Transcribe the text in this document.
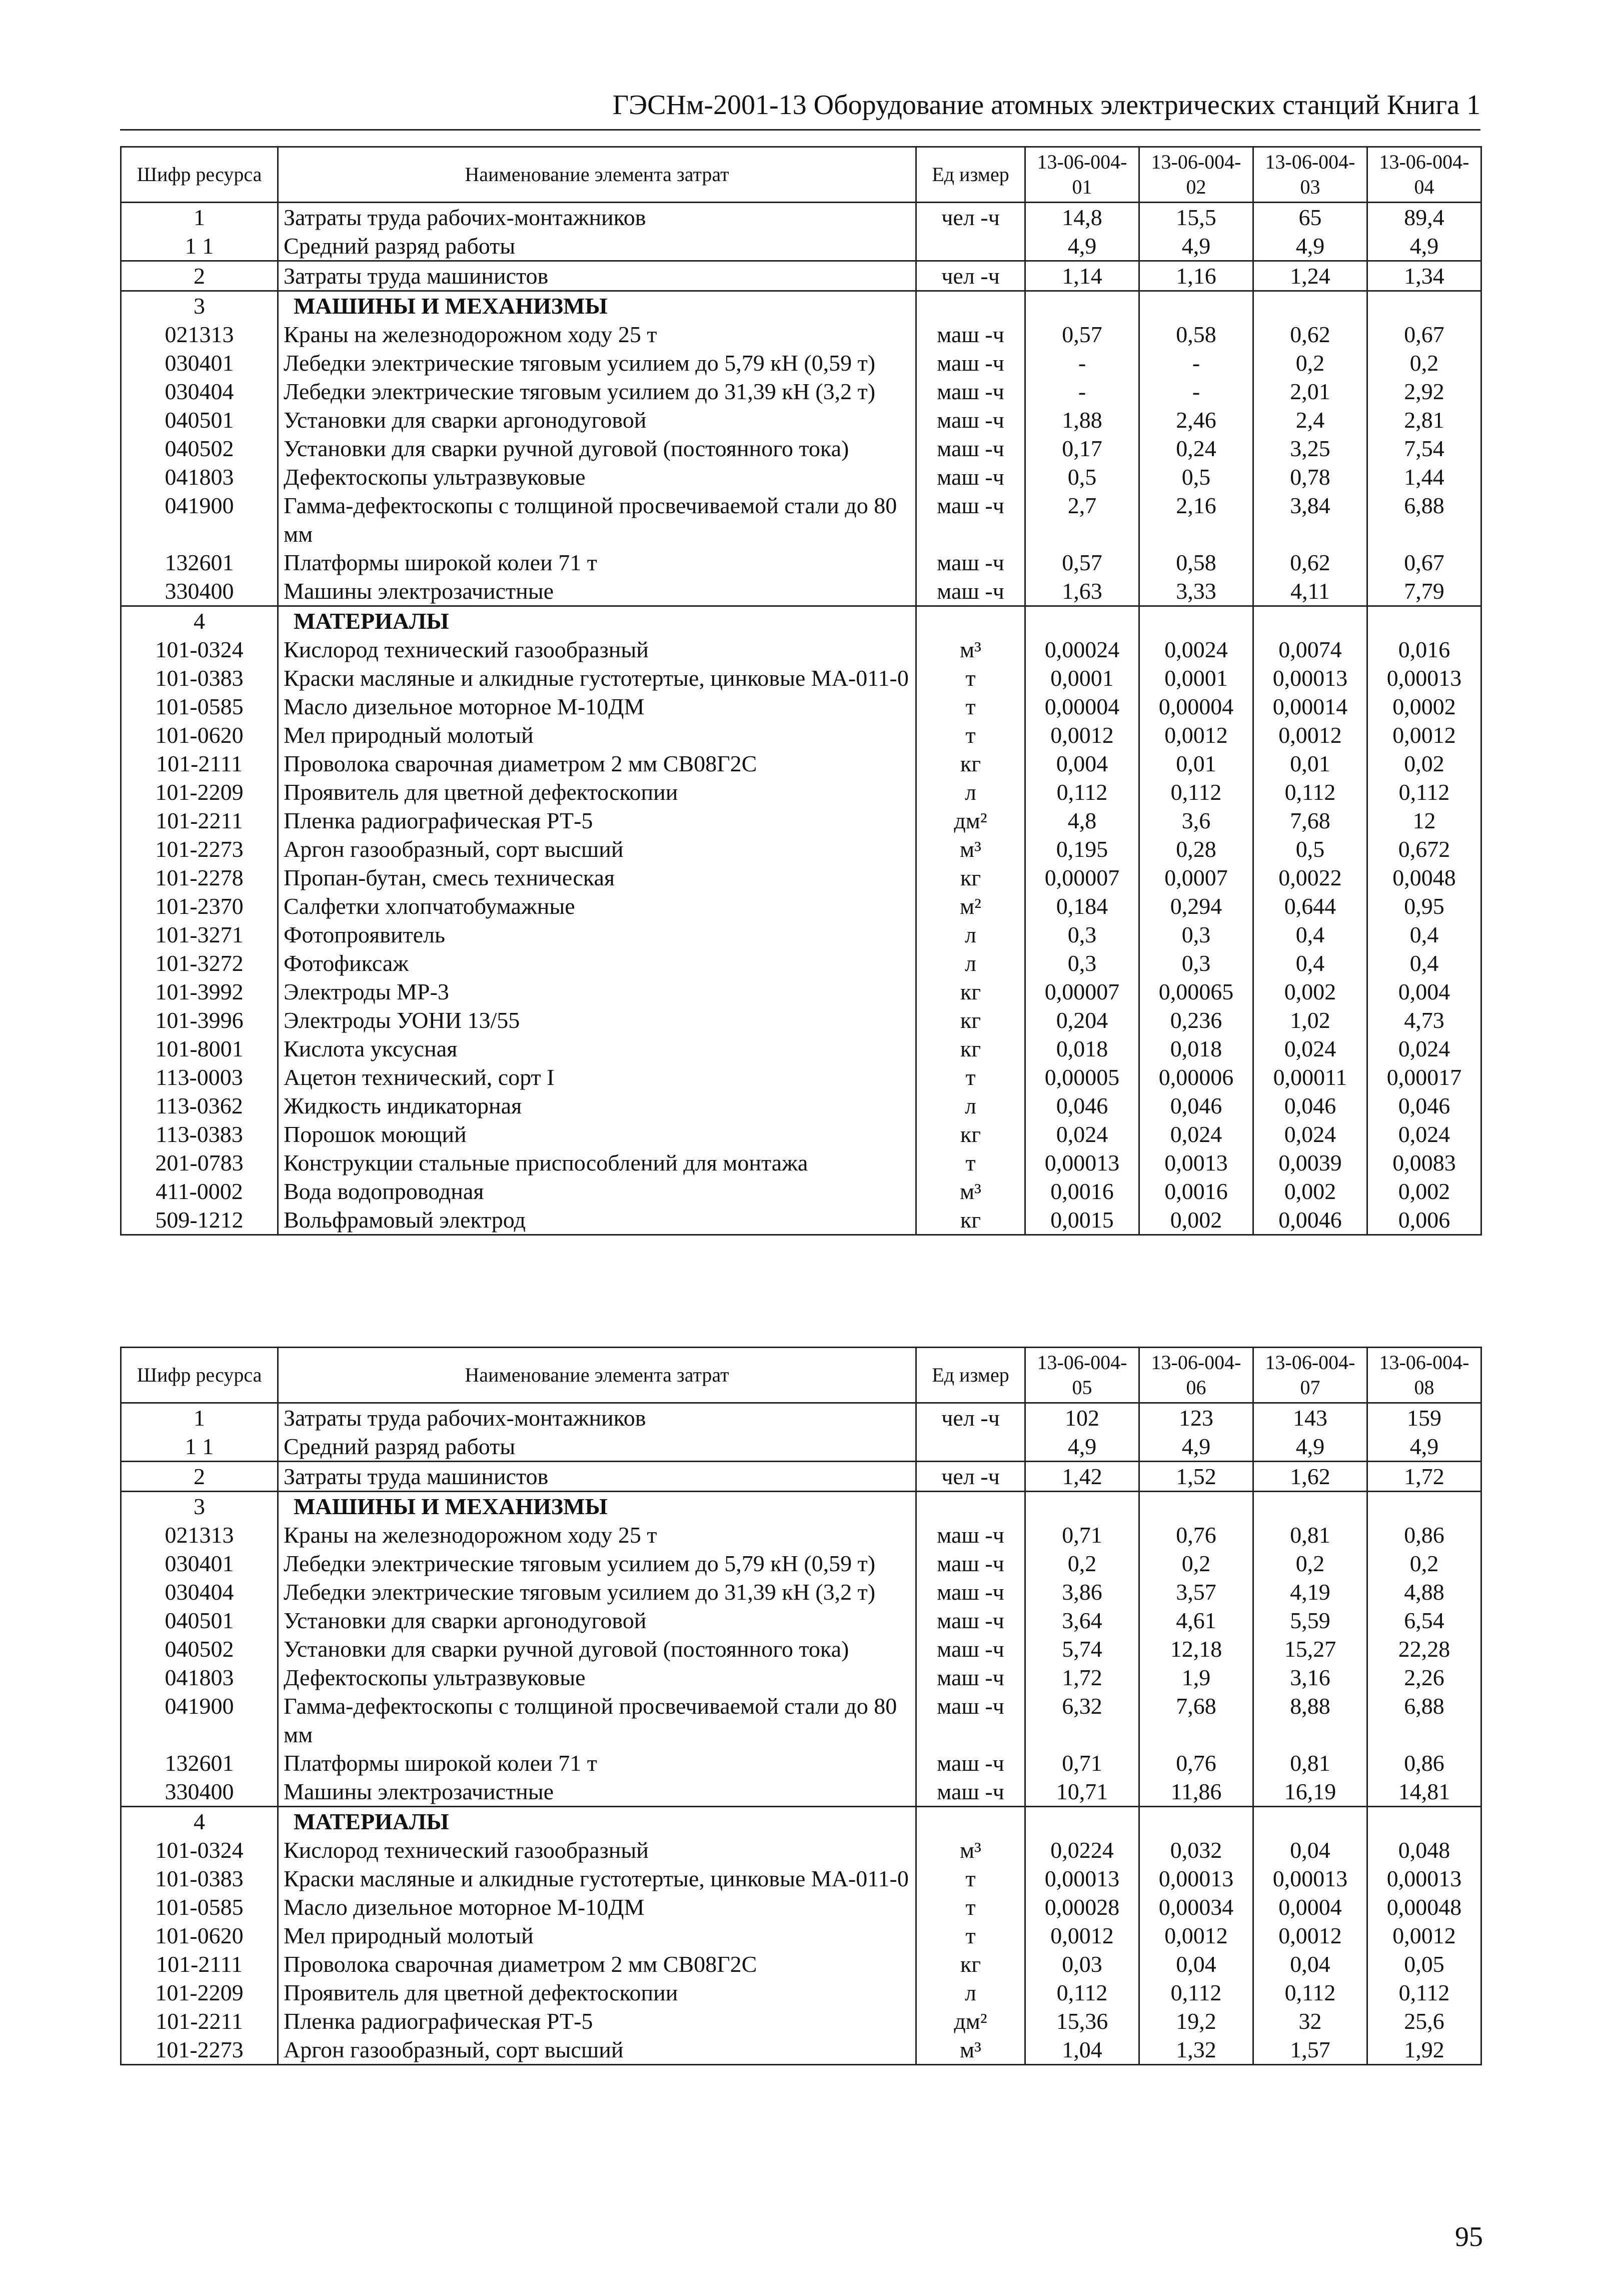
ГЭСНм-2001-13 Оборудование атомных электрических станций Книга 1
Шифр ресурса	Наименование элемента затрат	Ед измер	13-06-004-01	13-06-004-02	13-06-004-03	13-06-004-04
1	Затраты труда рабочих-монтажников	чел -ч	14,8	15,5	65	89,4
1 1	Средний разряд работы		4,9	4,9	4,9	4,9
2	Затраты труда машинистов	чел -ч	1,14	1,16	1,24	1,34
3	МАШИНЫ И МЕХАНИЗМЫ					
021313	Краны на железнодорожном ходу 25 т	маш -ч	0,57	0,58	0,62	0,67
030401	Лебедки электрические тяговым усилием до 5,79 кН (0,59 т)	маш -ч	-	-	0,2	0,2
030404	Лебедки электрические тяговым усилием до 31,39 кН (3,2 т)	маш -ч	-	-	2,01	2,92
040501	Установки для сварки аргонодуговой	маш -ч	1,88	2,46	2,4	2,81
040502	Установки для сварки ручной дуговой (постоянного тока)	маш -ч	0,17	0,24	3,25	7,54
041803	Дефектоскопы ультразвуковые	маш -ч	0,5	0,5	0,78	1,44
041900	Гамма-дефектоскопы с толщиной просвечиваемой стали до 80 мм	маш -ч	2,7	2,16	3,84	6,88
132601	Платформы широкой колеи 71 т	маш -ч	0,57	0,58	0,62	0,67
330400	Машины электрозачистные	маш -ч	1,63	3,33	4,11	7,79
4	МАТЕРИАЛЫ					
101-0324	Кислород технический газообразный	м³	0,00024	0,0024	0,0074	0,016
101-0383	Краски масляные и алкидные густотертые, цинковые МА-011-0	т	0,0001	0,0001	0,00013	0,00013
101-0585	Масло дизельное моторное М-10ДМ	т	0,00004	0,00004	0,00014	0,0002
101-0620	Мел природный молотый	т	0,0012	0,0012	0,0012	0,0012
101-2111	Проволока сварочная диаметром 2 мм СВ08Г2С	кг	0,004	0,01	0,01	0,02
101-2209	Проявитель для цветной дефектоскопии	л	0,112	0,112	0,112	0,112
101-2211	Пленка радиографическая РТ-5	дм²	4,8	3,6	7,68	12
101-2273	Аргон газообразный, сорт высший	м³	0,195	0,28	0,5	0,672
101-2278	Пропан-бутан, смесь техническая	кг	0,00007	0,0007	0,0022	0,0048
101-2370	Салфетки хлопчатобумажные	м²	0,184	0,294	0,644	0,95
101-3271	Фотопроявитель	л	0,3	0,3	0,4	0,4
101-3272	Фотофиксаж	л	0,3	0,3	0,4	0,4
101-3992	Электроды МР-3	кг	0,00007	0,00065	0,002	0,004
101-3996	Электроды УОНИ 13/55	кг	0,204	0,236	1,02	4,73
101-8001	Кислота уксусная	кг	0,018	0,018	0,024	0,024
113-0003	Ацетон технический, сорт I	т	0,00005	0,00006	0,00011	0,00017
113-0362	Жидкость индикаторная	л	0,046	0,046	0,046	0,046
113-0383	Порошок моющий	кг	0,024	0,024	0,024	0,024
201-0783	Конструкции стальные приспособлений для монтажа	т	0,00013	0,0013	0,0039	0,0083
411-0002	Вода водопроводная	м³	0,0016	0,0016	0,002	0,002
509-1212	Вольфрамовый электрод	кг	0,0015	0,002	0,0046	0,006
Шифр ресурса	Наименование элемента затрат	Ед измер	13-06-004-05	13-06-004-06	13-06-004-07	13-06-004-08
1	Затраты труда рабочих-монтажников	чел -ч	102	123	143	159
1 1	Средний разряд работы		4,9	4,9	4,9	4,9
2	Затраты труда машинистов	чел -ч	1,42	1,52	1,62	1,72
3	МАШИНЫ И МЕХАНИЗМЫ					
021313	Краны на железнодорожном ходу 25 т	маш -ч	0,71	0,76	0,81	0,86
030401	Лебедки электрические тяговым усилием до 5,79 кН (0,59 т)	маш -ч	0,2	0,2	0,2	0,2
030404	Лебедки электрические тяговым усилием до 31,39 кН (3,2 т)	маш -ч	3,86	3,57	4,19	4,88
040501	Установки для сварки аргонодуговой	маш -ч	3,64	4,61	5,59	6,54
040502	Установки для сварки ручной дуговой (постоянного тока)	маш -ч	5,74	12,18	15,27	22,28
041803	Дефектоскопы ультразвуковые	маш -ч	1,72	1,9	3,16	2,26
041900	Гамма-дефектоскопы с толщиной просвечиваемой стали до 80 мм	маш -ч	6,32	7,68	8,88	6,88
132601	Платформы широкой колеи 71 т	маш -ч	0,71	0,76	0,81	0,86
330400	Машины электрозачистные	маш -ч	10,71	11,86	16,19	14,81
4	МАТЕРИАЛЫ					
101-0324	Кислород технический газообразный	м³	0,0224	0,032	0,04	0,048
101-0383	Краски масляные и алкидные густотертые, цинковые МА-011-0	т	0,00013	0,00013	0,00013	0,00013
101-0585	Масло дизельное моторное М-10ДМ	т	0,00028	0,00034	0,0004	0,00048
101-0620	Мел природный молотый	т	0,0012	0,0012	0,0012	0,0012
101-2111	Проволока сварочная диаметром 2 мм СВ08Г2С	кг	0,03	0,04	0,04	0,05
101-2209	Проявитель для цветной дефектоскопии	л	0,112	0,112	0,112	0,112
101-2211	Пленка радиографическая РТ-5	дм²	15,36	19,2	32	25,6
101-2273	Аргон газообразный, сорт высший	м³	1,04	1,32	1,57	1,92
95
